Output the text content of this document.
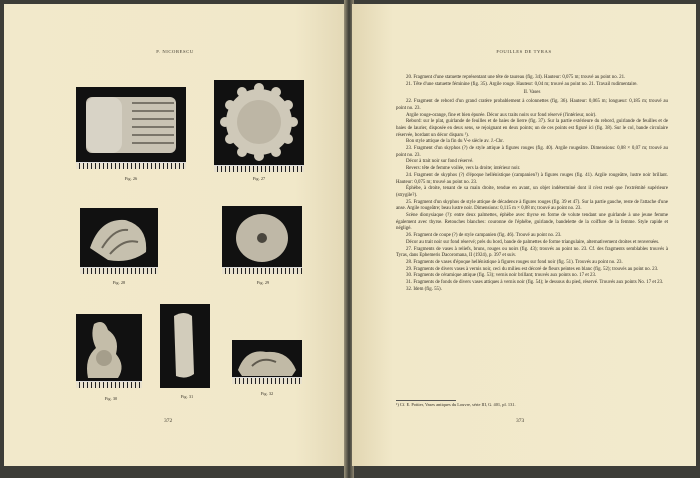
P. NICORESCU
Fig. 26	Fig. 27
Fig. 28	Fig. 29
Fig. 30	Fig. 31
Fig. 32
372
FOUILLES DE TYRAS

20. Fragment d'une statuette représentant une tête de taureau (fig. 34). Hauteur: 0,075 m; trouvé au point no. 21.

21. Tête d'une statuette féminine (fig. 35). Argile rouge. Hauteur: 0,04 m; trouvé au point no. 21. Travail rudimentaire.

II. Vases

22. Fragment de rebord d'un grand cratère probablement à colonnettes (fig. 36). Hauteur: 0,065 m; longueur: 0,185 m; trouvé au point no. 23.

Argile rouge-orange, fine et bien épurée. Décor aux traits noirs sur fond réservé (l'intérieur, noir).

Rebord: sur le plat, guirlande de feuilles et de baies de lierre (fig. 37). Sur la partie extérieure du rebord, guirlande de feuilles et de baies de laurier, disposée en deux sens, se rejoignant en deux points; un de ces points est figuré ici (fig. 38). Sur le col, bande circulaire réservée, bordant un décor disparu ¹).

Bon style attique de la fin du V-e siècle av. J.-Chr.

23. Fragment d'un skyphos (?) de style attique à figures rouges (fig. 40). Argile rougeâtre. Dimensions: 0,08 × 0,07 m; trouvé au point no. 23.

Décor à trait noir sur fond réservé.

Revers: tête de femme voilée, vers la droite; intérieur noir.

24. Fragment de skyphos (?) d'époque hellénistique (campanien?) à figures rouges (fig. 41). Argile rougeâtre, lustre noir brillant. Hauteur: 0,075 m; trouvé au point no. 23.

Éphèbe, à droite, tenant de sa main droite, tendue en avant, un objet indéterminé dont il n'est resté que l'extrémité supérieure (strygile?).

25. Fragment d'un skyphos de style attique de décadence à figures rouges (fig. 39 et 47). Sur la partie gauche, reste de l'attache d'une anse. Argile rougeâtre; beau lustre noir. Dimensions: 0,115 m × 0,08 m; trouvé au point no. 23.

Scène dionysiaque (?): entre deux palmettes, éphèbe avec thyrse en forme de volute tendant une guirlande à une jeune femme également avec thyrse. Retouches blanches: couronne de l'éphèbe, guirlande, bandelette de la coiffure de la femme. Style rapide et négligé.

26. Fragment de coupe (?) de style campanien (fig. 46). Trouvé au point no. 23.

Décor au trait noir sur fond réservé; près du bord, bande de palmettes de forme triangulaire, alternativement droites et renversées.

27. Fragments de vases à reliefs, bruns, rouges ou noirs (fig. 43); trouvés au point no. 23. Cf. des fragments semblables trouvés à Tyras, dans Ephemeris Dacoromana, II (1924), p. 397 et suiv.

28. Fragments de vases d'époque hellénistique à figures rouges sur fond noir (fig. 51). Trouvés au point no. 23.

29. Fragments de divers vases à vernis noir, ceci du milieu est décoré de fleurs peintes en blanc (fig. 52); trouvés au point no. 23.

30. Fragments de céramique attique (fig. 53); vernis noir brillant; trouvés aux points no. 17 et 23.

31. Fragments de fonds de divers vases attiques à vernis noir (fig. 54); le dessous du pied, réservé. Trouvés aux points No. 17 et 23.

32. Idem (fig. 55).

¹) Cf. E. Pottier, Vases antiques du Louvre, série III, G. 401, pl. 131.
373
